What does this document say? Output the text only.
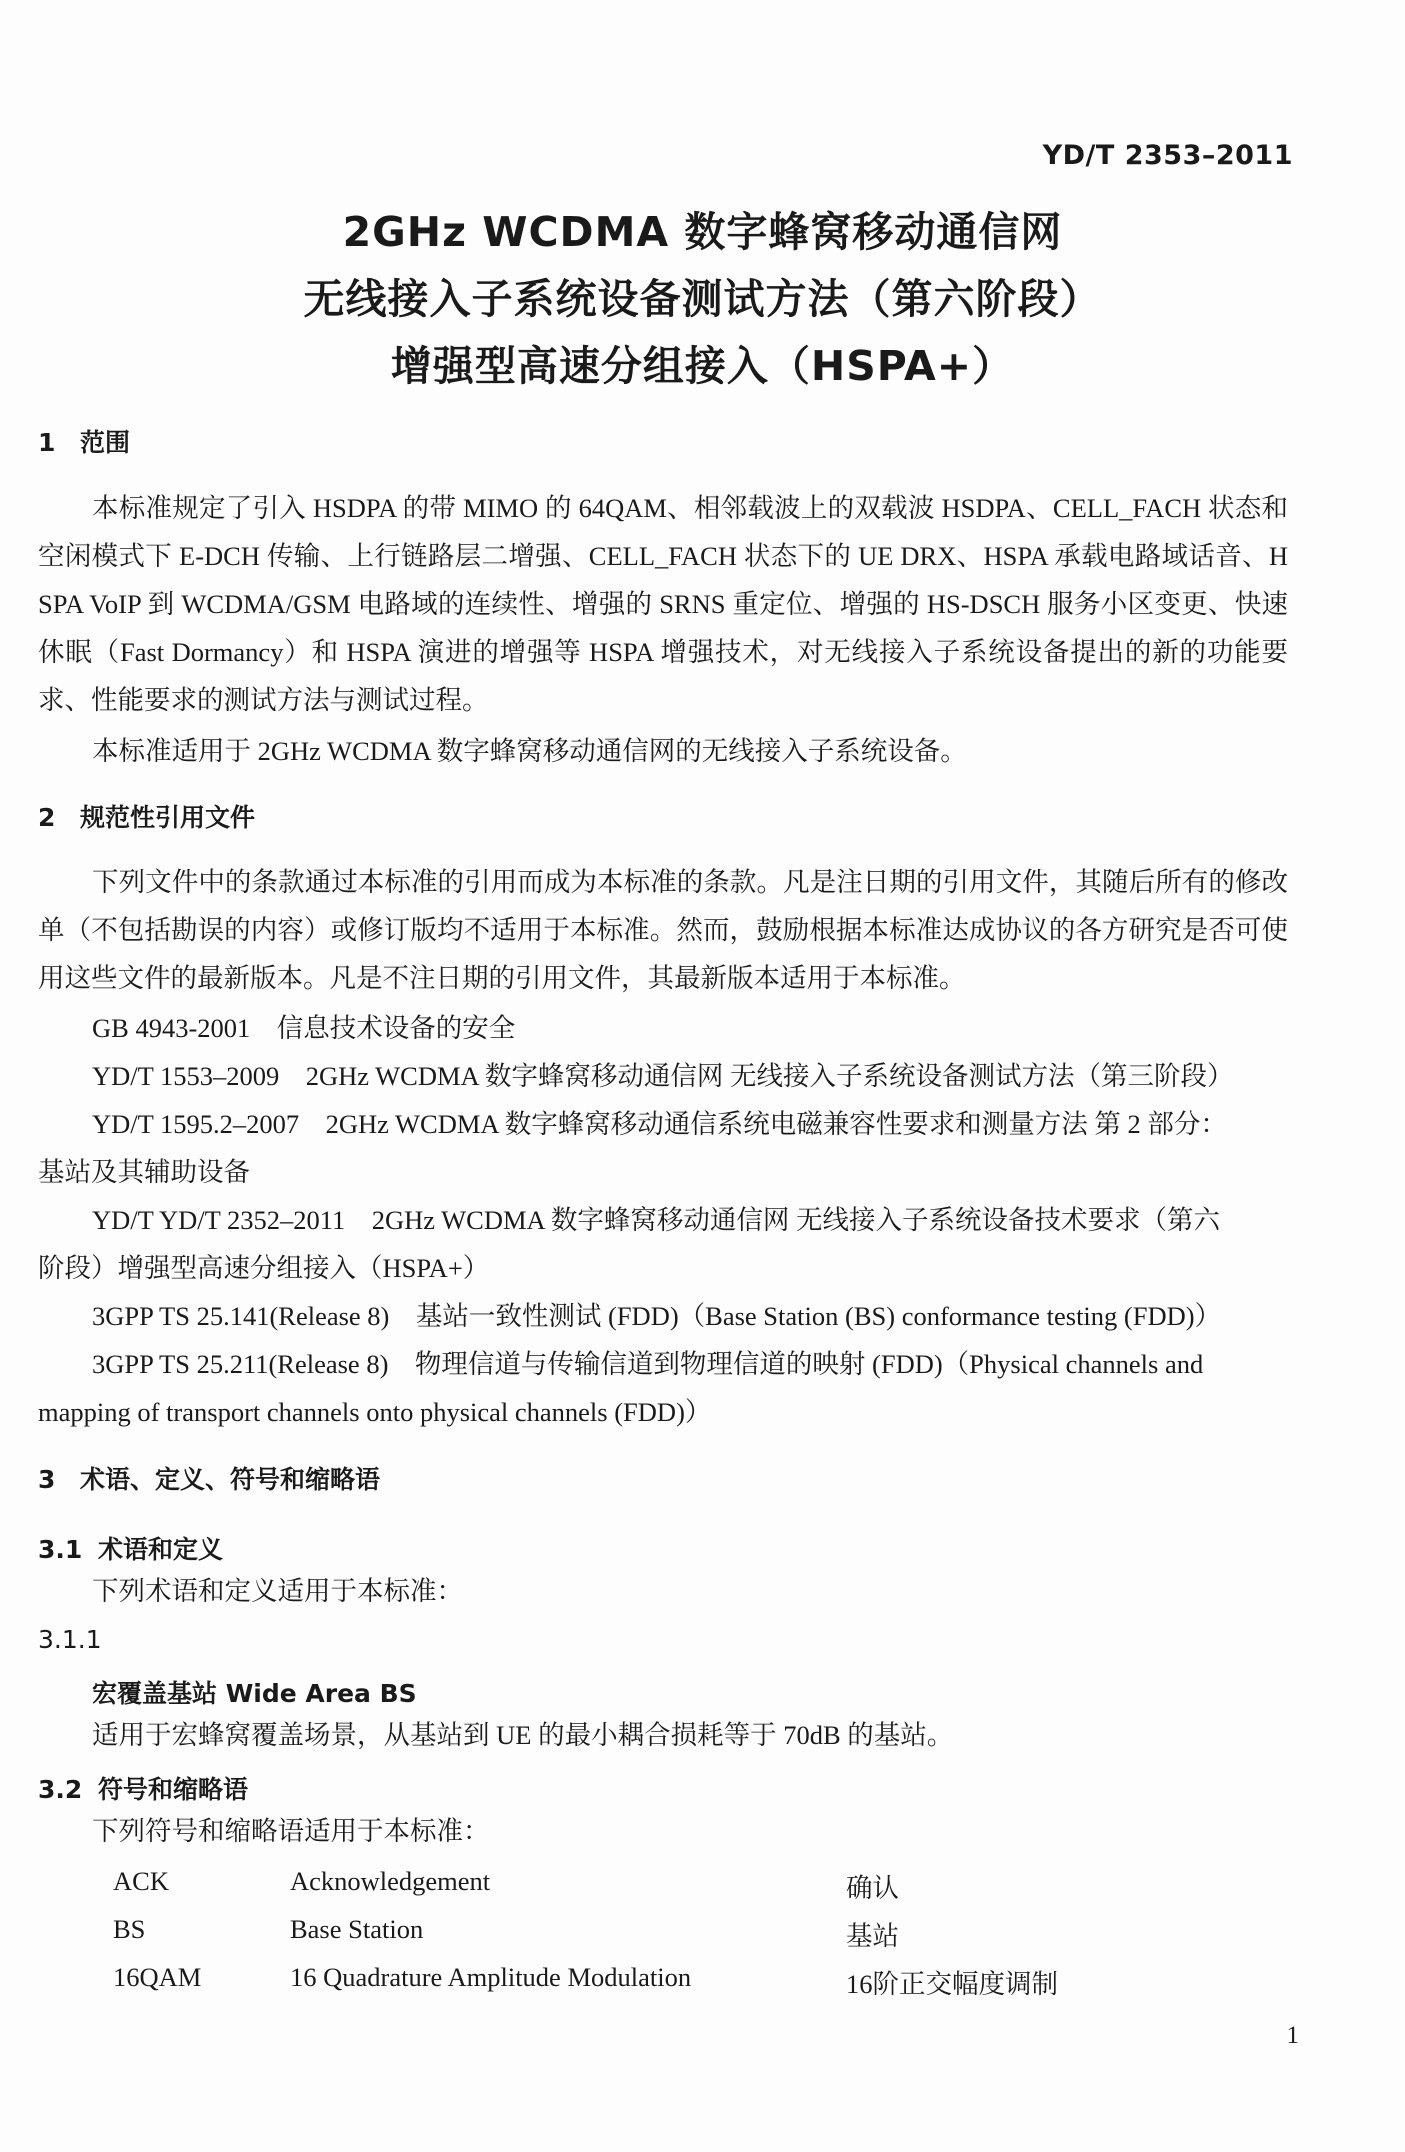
YD/T 2353–2011
2GHz WCDMA 数字蜂窝移动通信网
无线接入子系统设备测试方法（第六阶段）
增强型高速分组接入（HSPA+）
1 范围
本标准规定了引入 HSDPA 的带 MIMO 的 64QAM、相邻载波上的双载波 HSDPA、CELL_FACH 状态和空闲模式下 E-DCH 传输、上行链路层二增强、CELL_FACH 状态下的 UE DRX、HSPA 承载电路域话音、HSPA VoIP 到 WCDMA/GSM 电路域的连续性、增强的 SRNS 重定位、增强的 HS-DSCH 服务小区变更、快速休眠（Fast Dormancy）和 HSPA 演进的增强等 HSPA 增强技术，对无线接入子系统设备提出的新的功能要求、性能要求的测试方法与测试过程。
本标准适用于 2GHz WCDMA 数字蜂窝移动通信网的无线接入子系统设备。
2 规范性引用文件
下列文件中的条款通过本标准的引用而成为本标准的条款。凡是注日期的引用文件，其随后所有的修改单（不包括勘误的内容）或修订版均不适用于本标准。然而，鼓励根据本标准达成协议的各方研究是否可使用这些文件的最新版本。凡是不注日期的引用文件，其最新版本适用于本标准。
GB 4943-2001　信息技术设备的安全
YD/T 1553–2009　2GHz WCDMA 数字蜂窝移动通信网 无线接入子系统设备测试方法（第三阶段）
YD/T 1595.2–2007　2GHz WCDMA 数字蜂窝移动通信系统电磁兼容性要求和测量方法 第 2 部分：
基站及其辅助设备
YD/T YD/T 2352–2011　2GHz WCDMA 数字蜂窝移动通信网 无线接入子系统设备技术要求（第六
阶段）增强型高速分组接入（HSPA+）
3GPP TS 25.141(Release 8)　基站一致性测试 (FDD)（Base Station (BS) conformance testing (FDD)）
3GPP TS 25.211(Release 8)　物理信道与传输信道到物理信道的映射 (FDD)（Physical channels and
mapping of transport channels onto physical channels (FDD)）
3 术语、定义、符号和缩略语
3.1 术语和定义
下列术语和定义适用于本标准：
3.1.1
宏覆盖基站 Wide Area BS
适用于宏蜂窝覆盖场景，从基站到 UE 的最小耦合损耗等于 70dB 的基站。
3.2 符号和缩略语
下列符号和缩略语适用于本标准：
ACK	Acknowledgement	确认
BS	Base Station	基站
16QAM	16 Quadrature Amplitude Modulation	16阶正交幅度调制
1
